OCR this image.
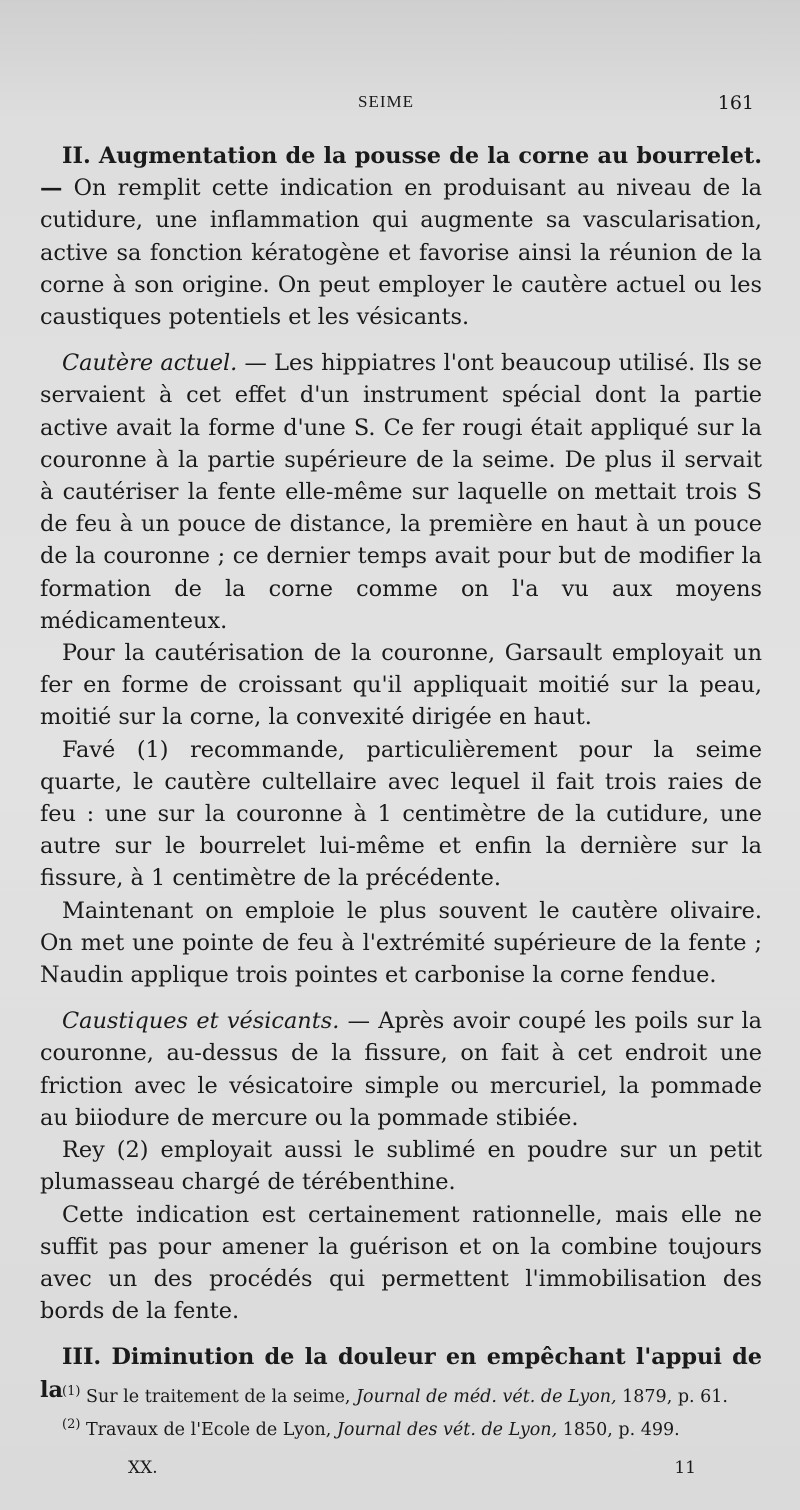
SEIME	161

II. Augmentation de la pousse de la corne au bourrelet.— On remplit cette indication en produisant au niveau de la cutidure, une inflammation qui augmente sa vascularisation, active sa fonction kératogène et favorise ainsi la réunion de la corne à son origine. On peut employer le cautère actuel ou les caustiques potentiels et les vésicants.

Cautère actuel. — Les hippiatres l'ont beaucoup utilisé. Ils se servaient à cet effet d'un instrument spécial dont la partie active avait la forme d'une S. Ce fer rougi était appliqué sur la couronne à la partie supérieure de la seime. De plus il servait à cautériser la fente elle-même sur laquelle on mettait trois S de feu à un pouce de distance, la première en haut à un pouce de la couronne ; ce dernier temps avait pour but de modifier la formation de la corne comme on l'a vu aux moyens médicamenteux.

Pour la cautérisation de la couronne, Garsault employait un fer en forme de croissant qu'il appliquait moitié sur la peau, moitié sur la corne, la convexité dirigée en haut.

Favé (1) recommande, particulièrement pour la seime quarte, le cautère cultellaire avec lequel il fait trois raies de feu : une sur la couronne à 1 centimètre de la cutidure, une autre sur le bourrelet lui-même et enfin la dernière sur la fissure, à 1 centimètre de la précédente.

Maintenant on emploie le plus souvent le cautère olivaire. On met une pointe de feu à l'extrémité supérieure de la fente ; Naudin applique trois pointes et carbonise la corne fendue.

Caustiques et vésicants. — Après avoir coupé les poils sur la couronne, au-dessus de la fissure, on fait à cet endroit une friction avec le vésicatoire simple ou mercuriel, la pommade au biiodure de mercure ou la pommade stibiée.

Rey (2) employait aussi le sublimé en poudre sur un petit plumasseau chargé de térébenthine.

Cette indication est certainement rationnelle, mais elle ne suffit pas pour amener la guérison et on la combine toujours avec un des procédés qui permettent l'immobilisation des bords de la fente.

III. Diminution de la douleur en empêchant l'appui de la

$^{(1)}$ Sur le traitement de la seime, Journal de méd. vét. de Lyon, 1879, p. 61.

$^{(2)}$ Travaux de l'Ecole de Lyon, Journal des vét. de Lyon, 1850, p. 499.

XX.	11
